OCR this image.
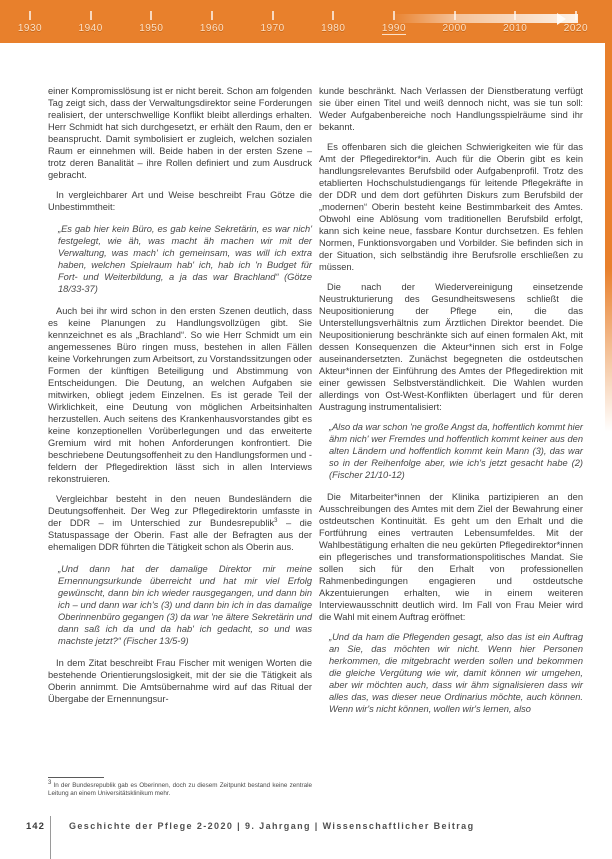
1930	1940	1950	1960	1970	1980	1990	2000	2010	2020

einer Kompromisslösung ist er nicht bereit. Schon am folgenden Tag zeigt sich, dass der Verwaltungsdirektor seine Forderungen realisiert, der unterschwellige Konflikt bleibt allerdings erhalten. Herr Schmidt hat sich durchgesetzt, er erhält den Raum, den er beansprucht. Damit symbolisiert er zugleich, welchen sozialen Raum er einnehmen will. Beide haben in der ersten Szene – trotz deren Banalität – ihre Rollen definiert und zum Ausdruck gebracht.

In vergleichbarer Art und Weise beschreibt Frau Götze die Unbestimmtheit:

„Es gab hier kein Büro, es gab keine Sekretärin, es war nich' festgelegt, wie äh, was macht äh machen wir mit der Verwaltung, was mach' ich gemeinsam, was will ich extra haben, welchen Spielraum hab' ich, hab ich 'n Budget für Fort- und Weiterbildung, a ja das war Brachland“ (Götze 18/33-37)

Auch bei ihr wird schon in den ersten Szenen deutlich, dass es keine Planungen zu Handlungsvollzügen gibt. Sie kennzeichnet es als „Brachland“. So wie Herr Schmidt um ein angemessenes Büro ringen muss, bestehen in allen Fällen keine Vorkehrungen zum Arbeitsort, zu Vorstandssitzungen oder Formen der künftigen Beteiligung und Abstimmung von Entscheidungen. Die Deutung, an welchen Aufgaben sie mitwirken, obliegt jedem Einzelnen. Es ist gerade Teil der Wirklichkeit, eine Deutung von möglichen Arbeitsinhalten herzustellen. Auch seitens des Krankenhausvorstandes gibt es keine konzeptionellen Vorüberlegungen und das erweiterte Gremium wird mit hohen Anforderungen konfrontiert. Die beschriebene Deutungsoffenheit zu den Handlungsformen und -feldern der Pflegedirektion lässt sich in allen Interviews rekonstruieren.

Vergleichbar besteht in den neuen Bundesländern die Deutungsoffenheit. Der Weg zur Pflegedirektorin umfasste in der DDR – im Unterschied zur Bundesrepublik$^3$ – die Statuspassage der Oberin. Fast alle der Befragten aus der ehemaligen DDR führten die Tätigkeit schon als Oberin aus.

„Und dann hat der damalige Direktor mir meine Ernennungsurkunde überreicht und hat mir viel Erfolg gewünscht, dann bin ich wieder rausgegangen, und dann bin ich – und dann war ich's (3) und dann bin ich in das damalige Oberinnenbüro gegangen (3) da war 'ne ältere Sekretärin und dann saß ich da und da hab' ich gedacht, so und was machste jetzt?“ (Fischer 13/5-9)

In dem Zitat beschreibt Frau Fischer mit wenigen Worten die bestehende Orientierungslosigkeit, mit der sie die Tätigkeit als Oberin annimmt. Die Amtsübernahme wird auf das Ritual der Übergabe der Ernennungsur-

3 In der Bundesrepublik gab es Oberinnen, doch zu diesem Zeitpunkt bestand keine zentrale Leitung an einem Universitätsklinikum mehr.

kunde beschränkt. Nach Verlassen der Dienstberatung verfügt sie über einen Titel und weiß dennoch nicht, was sie tun soll: Weder Aufgabenbereiche noch Handlungsspielräume sind ihr bekannt.

Es offenbaren sich die gleichen Schwierigkeiten wie für das Amt der Pflegedirektor*in. Auch für die Oberin gibt es kein handlungsrelevantes Berufsbild oder Aufgabenprofil. Trotz des etablierten Hochschulstudiengangs für leitende Pflegekräfte in der DDR und dem dort geführten Diskurs zum Berufsbild der „modernen“ Oberin besteht keine Bestimmbarkeit des Amtes. Obwohl eine Ablösung vom traditionellen Berufsbild erfolgt, kann sich keine neue, fassbare Kontur durchsetzen. Es fehlen Normen, Funktionsvorgaben und Vorbilder. Sie befinden sich in der Situation, sich selbständig ihre Berufsrolle erschließen zu müssen.

Die nach der Wiedervereinigung einsetzende Neustrukturierung des Gesundheitswesens schließt die Neupositionierung der Pflege ein, die das Unterstellungsverhältnis zum Ärztlichen Direktor beendet. Die Neupositionierung beschränkte sich auf einen formalen Akt, mit dessen Konsequenzen die Akteur*innen sich erst in Folge auseinandersetzten. Zunächst begegneten die ostdeutschen Akteur*innen der Einführung des Amtes der Pflegedirektion mit einer gewissen Selbstverständlichkeit. Die Wahlen wurden allerdings von Ost-West-Konflikten überlagert und für deren Austragung instrumentalisiert:

„Also da war schon 'ne große Angst da, hoffentlich kommt hier ähm nich' wer Fremdes und hoffentlich kommt keiner aus den alten Ländern und hoffentlich kommt kein Mann (3), das war so in der Reihenfolge aber, wie ich's jetzt gesacht habe (2) (Fischer 21/10-12)

Die Mitarbeiter*innen der Klinika partizipieren an den Ausschreibungen des Amtes mit dem Ziel der Bewahrung einer ostdeutschen Kontinuität. Es geht um den Erhalt und die Fortführung eines vertrauten Lebensumfeldes. Mit der Wahlbestätigung erhalten die neu gekürten Pflegedirektor*innen ein pflegerisches und transformationspolitisches Mandat. Sie sollen sich für den Erhalt von professionellen Rahmenbedingungen engagieren und ostdeutsche Akzentuierungen erhalten, wie in einem weiteren Interviewausschnitt deutlich wird. Im Fall von Frau Meier wird die Wahl mit einem Auftrag eröffnet:

„Und da ham die Pflegenden gesagt, also das ist ein Auftrag an Sie, das möchten wir nicht. Wenn hier Personen herkommen, die mitgebracht werden sollen und bekommen die gleiche Vergütung wie wir, damit können wir umgehen, aber wir möchten auch, dass wir ähm signalisieren dass wir alles das, was dieser neue Ordinarius möchte, auch können. Wenn wir's nicht können, wollen wir's lernen, also

142	Geschichte der Pflege 2-2020 | 9. Jahrgang | Wissenschaftlicher Beitrag
